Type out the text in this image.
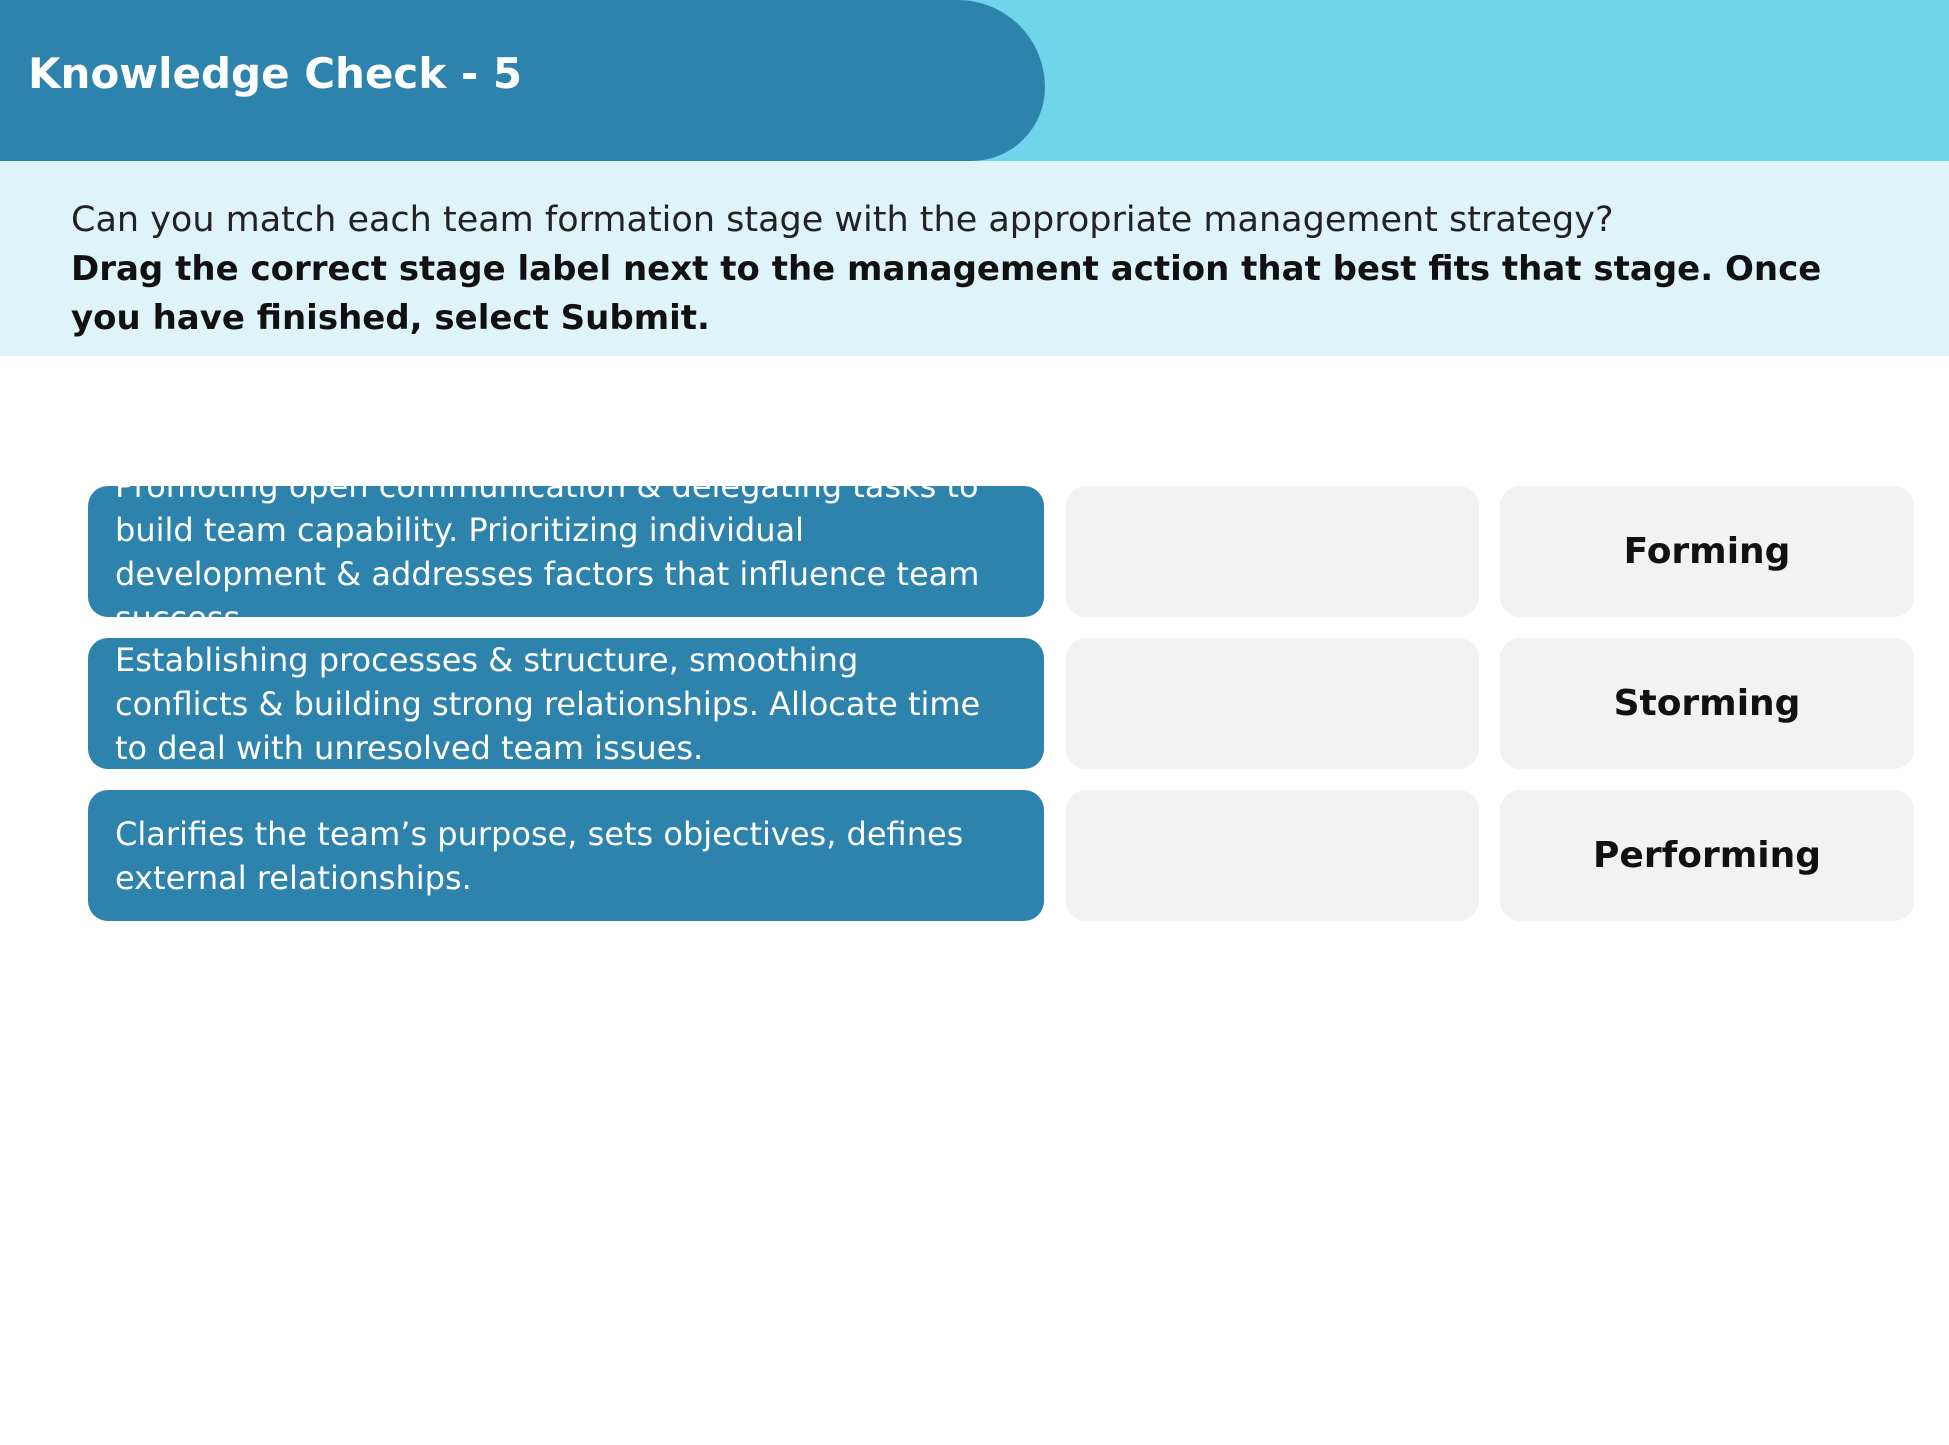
Knowledge Check - 5
Can you match each team formation stage with the appropriate management strategy?
Drag the correct stage label next to the management action that best fits that stage. Once you have finished, select Submit.
Promoting open communication & delegating tasks to build team capability. Prioritizing individual development & addresses factors that influence team success.
Establishing processes & structure, smoothing conflicts & building strong relationships. Allocate time to deal with unresolved team issues.
Clarifies the team’s purpose, sets objectives, defines external relationships.
Forming
Storming
Performing
